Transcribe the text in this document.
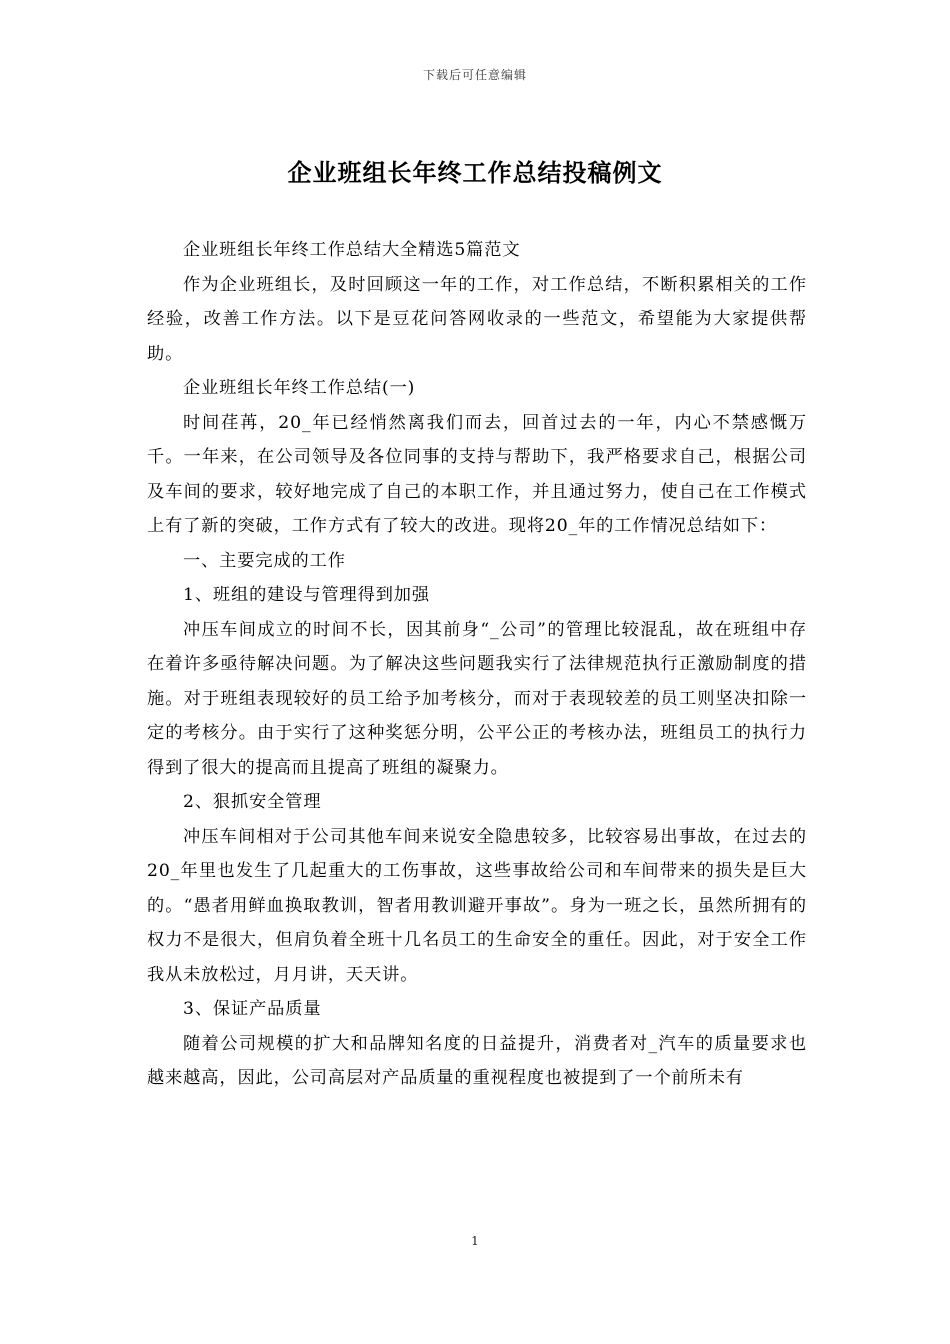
下载后可任意编辑
企业班组长年终工作总结投稿例文

企业班组长年终工作总结大全精选5篇范文

作为企业班组长，及时回顾这一年的工作，对工作总结，不断积累相关的工作经验，改善工作方法。以下是豆花问答网收录的一些范文，希望能为大家提供帮助。

企业班组长年终工作总结(一)

时间荏苒，20_年已经悄然离我们而去，回首过去的一年，内心不禁感慨万千。一年来，在公司领导及各位同事的支持与帮助下，我严格要求自己，根据公司及车间的要求，较好地完成了自己的本职工作，并且通过努力，使自己在工作模式上有了新的突破，工作方式有了较大的改进。现将20_年的工作情况总结如下：

一、主要完成的工作

1、班组的建设与管理得到加强

冲压车间成立的时间不长，因其前身“_公司”的管理比较混乱，故在班组中存在着许多亟待解决问题。为了解决这些问题我实行了法律规范执行正激励制度的措施。对于班组表现较好的员工给予加考核分，而对于表现较差的员工则坚决扣除一定的考核分。由于实行了这种奖惩分明，公平公正的考核办法，班组员工的执行力得到了很大的提高而且提高了班组的凝聚力。

2、狠抓安全管理

冲压车间相对于公司其他车间来说安全隐患较多，比较容易出事故，在过去的20_年里也发生了几起重大的工伤事故，这些事故给公司和车间带来的损失是巨大的。“愚者用鲜血换取教训，智者用教训避开事故”。身为一班之长，虽然所拥有的权力不是很大，但肩负着全班十几名员工的生命安全的重任。因此，对于安全工作我从未放松过，月月讲，天天讲。

3、保证产品质量

随着公司规模的扩大和品牌知名度的日益提升，消费者对_汽车的质量要求也越来越高，因此，公司高层对产品质量的重视程度也被提到了一个前所未有

1
